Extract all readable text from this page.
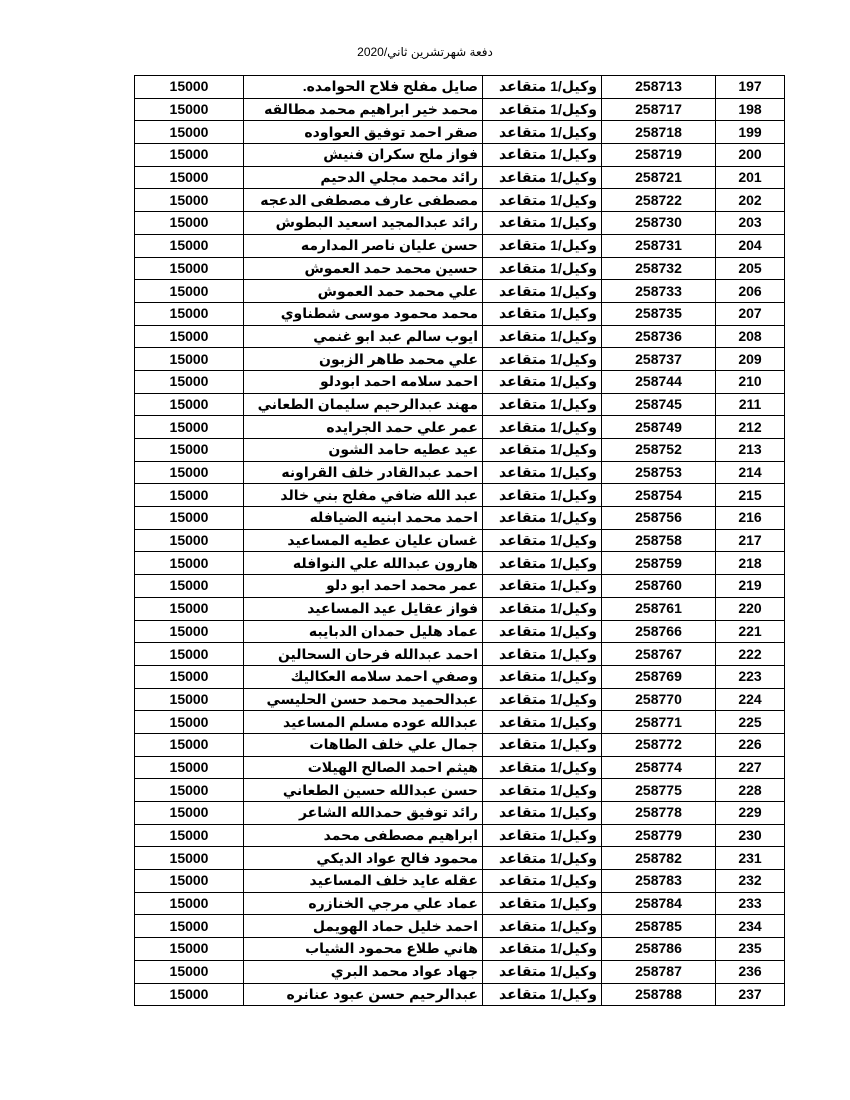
دفعة شهرتشرين ثاني/2020
197	258713	وكيل/1 متقاعد	صايل مفلح فلاح الحوامده.	15000
198	258717	وكيل/1 متقاعد	محمد خير ابراهيم محمد مطالقه	15000
199	258718	وكيل/1 متقاعد	صقر احمد توفيق العواوده	15000
200	258719	وكيل/1 متقاعد	فواز ملح سكران فنيش	15000
201	258721	وكيل/1 متقاعد	رائد محمد مجلي الدحيم	15000
202	258722	وكيل/1 متقاعد	مصطفى عارف مصطفى الدعجه	15000
203	258730	وكيل/1 متقاعد	رائد عبدالمجيد اسعيد البطوش	15000
204	258731	وكيل/1 متقاعد	حسن عليان ناصر المدارمه	15000
205	258732	وكيل/1 متقاعد	حسين محمد حمد العموش	15000
206	258733	وكيل/1 متقاعد	علي محمد حمد العموش	15000
207	258735	وكيل/1 متقاعد	محمد محمود موسى شطناوي	15000
208	258736	وكيل/1 متقاعد	ايوب سالم عبد ابو غنمي	15000
209	258737	وكيل/1 متقاعد	علي محمد طاهر الزبون	15000
210	258744	وكيل/1 متقاعد	احمد سلامه احمد ابودلو	15000
211	258745	وكيل/1 متقاعد	مهند عبدالرحيم سليمان الطعاني	15000
212	258749	وكيل/1 متقاعد	عمر علي حمد الجرايده	15000
213	258752	وكيل/1 متقاعد	عيد عطيه حامد الشون	15000
214	258753	وكيل/1 متقاعد	احمد عبدالقادر خلف القراونه	15000
215	258754	وكيل/1 متقاعد	عبد الله ضافي مفلح بني خالد	15000
216	258756	وكيل/1 متقاعد	احمد محمد ابنيه الضيافله	15000
217	258758	وكيل/1 متقاعد	غسان عليان عطيه المساعيد	15000
218	258759	وكيل/1 متقاعد	هارون عبدالله علي النوافله	15000
219	258760	وكيل/1 متقاعد	عمر محمد احمد ابو دلو	15000
220	258761	وكيل/1 متقاعد	فواز عقايل عيد المساعيد	15000
221	258766	وكيل/1 متقاعد	عماد هليل حمدان الدبايبه	15000
222	258767	وكيل/1 متقاعد	احمد عبدالله فرحان السحالين	15000
223	258769	وكيل/1 متقاعد	وصفي احمد سلامه العكاليك	15000
224	258770	وكيل/1 متقاعد	عبدالحميد محمد حسن الحليسي	15000
225	258771	وكيل/1 متقاعد	عبدالله عوده مسلم المساعيد	15000
226	258772	وكيل/1 متقاعد	جمال علي خلف الطاهات	15000
227	258774	وكيل/1 متقاعد	هيثم احمد الصالح الهيلات	15000
228	258775	وكيل/1 متقاعد	حسن عبدالله حسين الطعاني	15000
229	258778	وكيل/1 متقاعد	رائد توفيق حمدالله الشاعر	15000
230	258779	وكيل/1 متقاعد	ابراهيم مصطفى محمد	15000
231	258782	وكيل/1 متقاعد	محمود فالح عواد الديكي	15000
232	258783	وكيل/1 متقاعد	عقله عايد خلف المساعيد	15000
233	258784	وكيل/1 متقاعد	عماد علي مرجي الخنازره	15000
234	258785	وكيل/1 متقاعد	احمد خليل حماد الهويمل	15000
235	258786	وكيل/1 متقاعد	هاني طلاع محمود الشياب	15000
236	258787	وكيل/1 متقاعد	جهاد عواد محمد البري	15000
237	258788	وكيل/1 متقاعد	عبدالرحيم حسن عبود عنانره	15000
